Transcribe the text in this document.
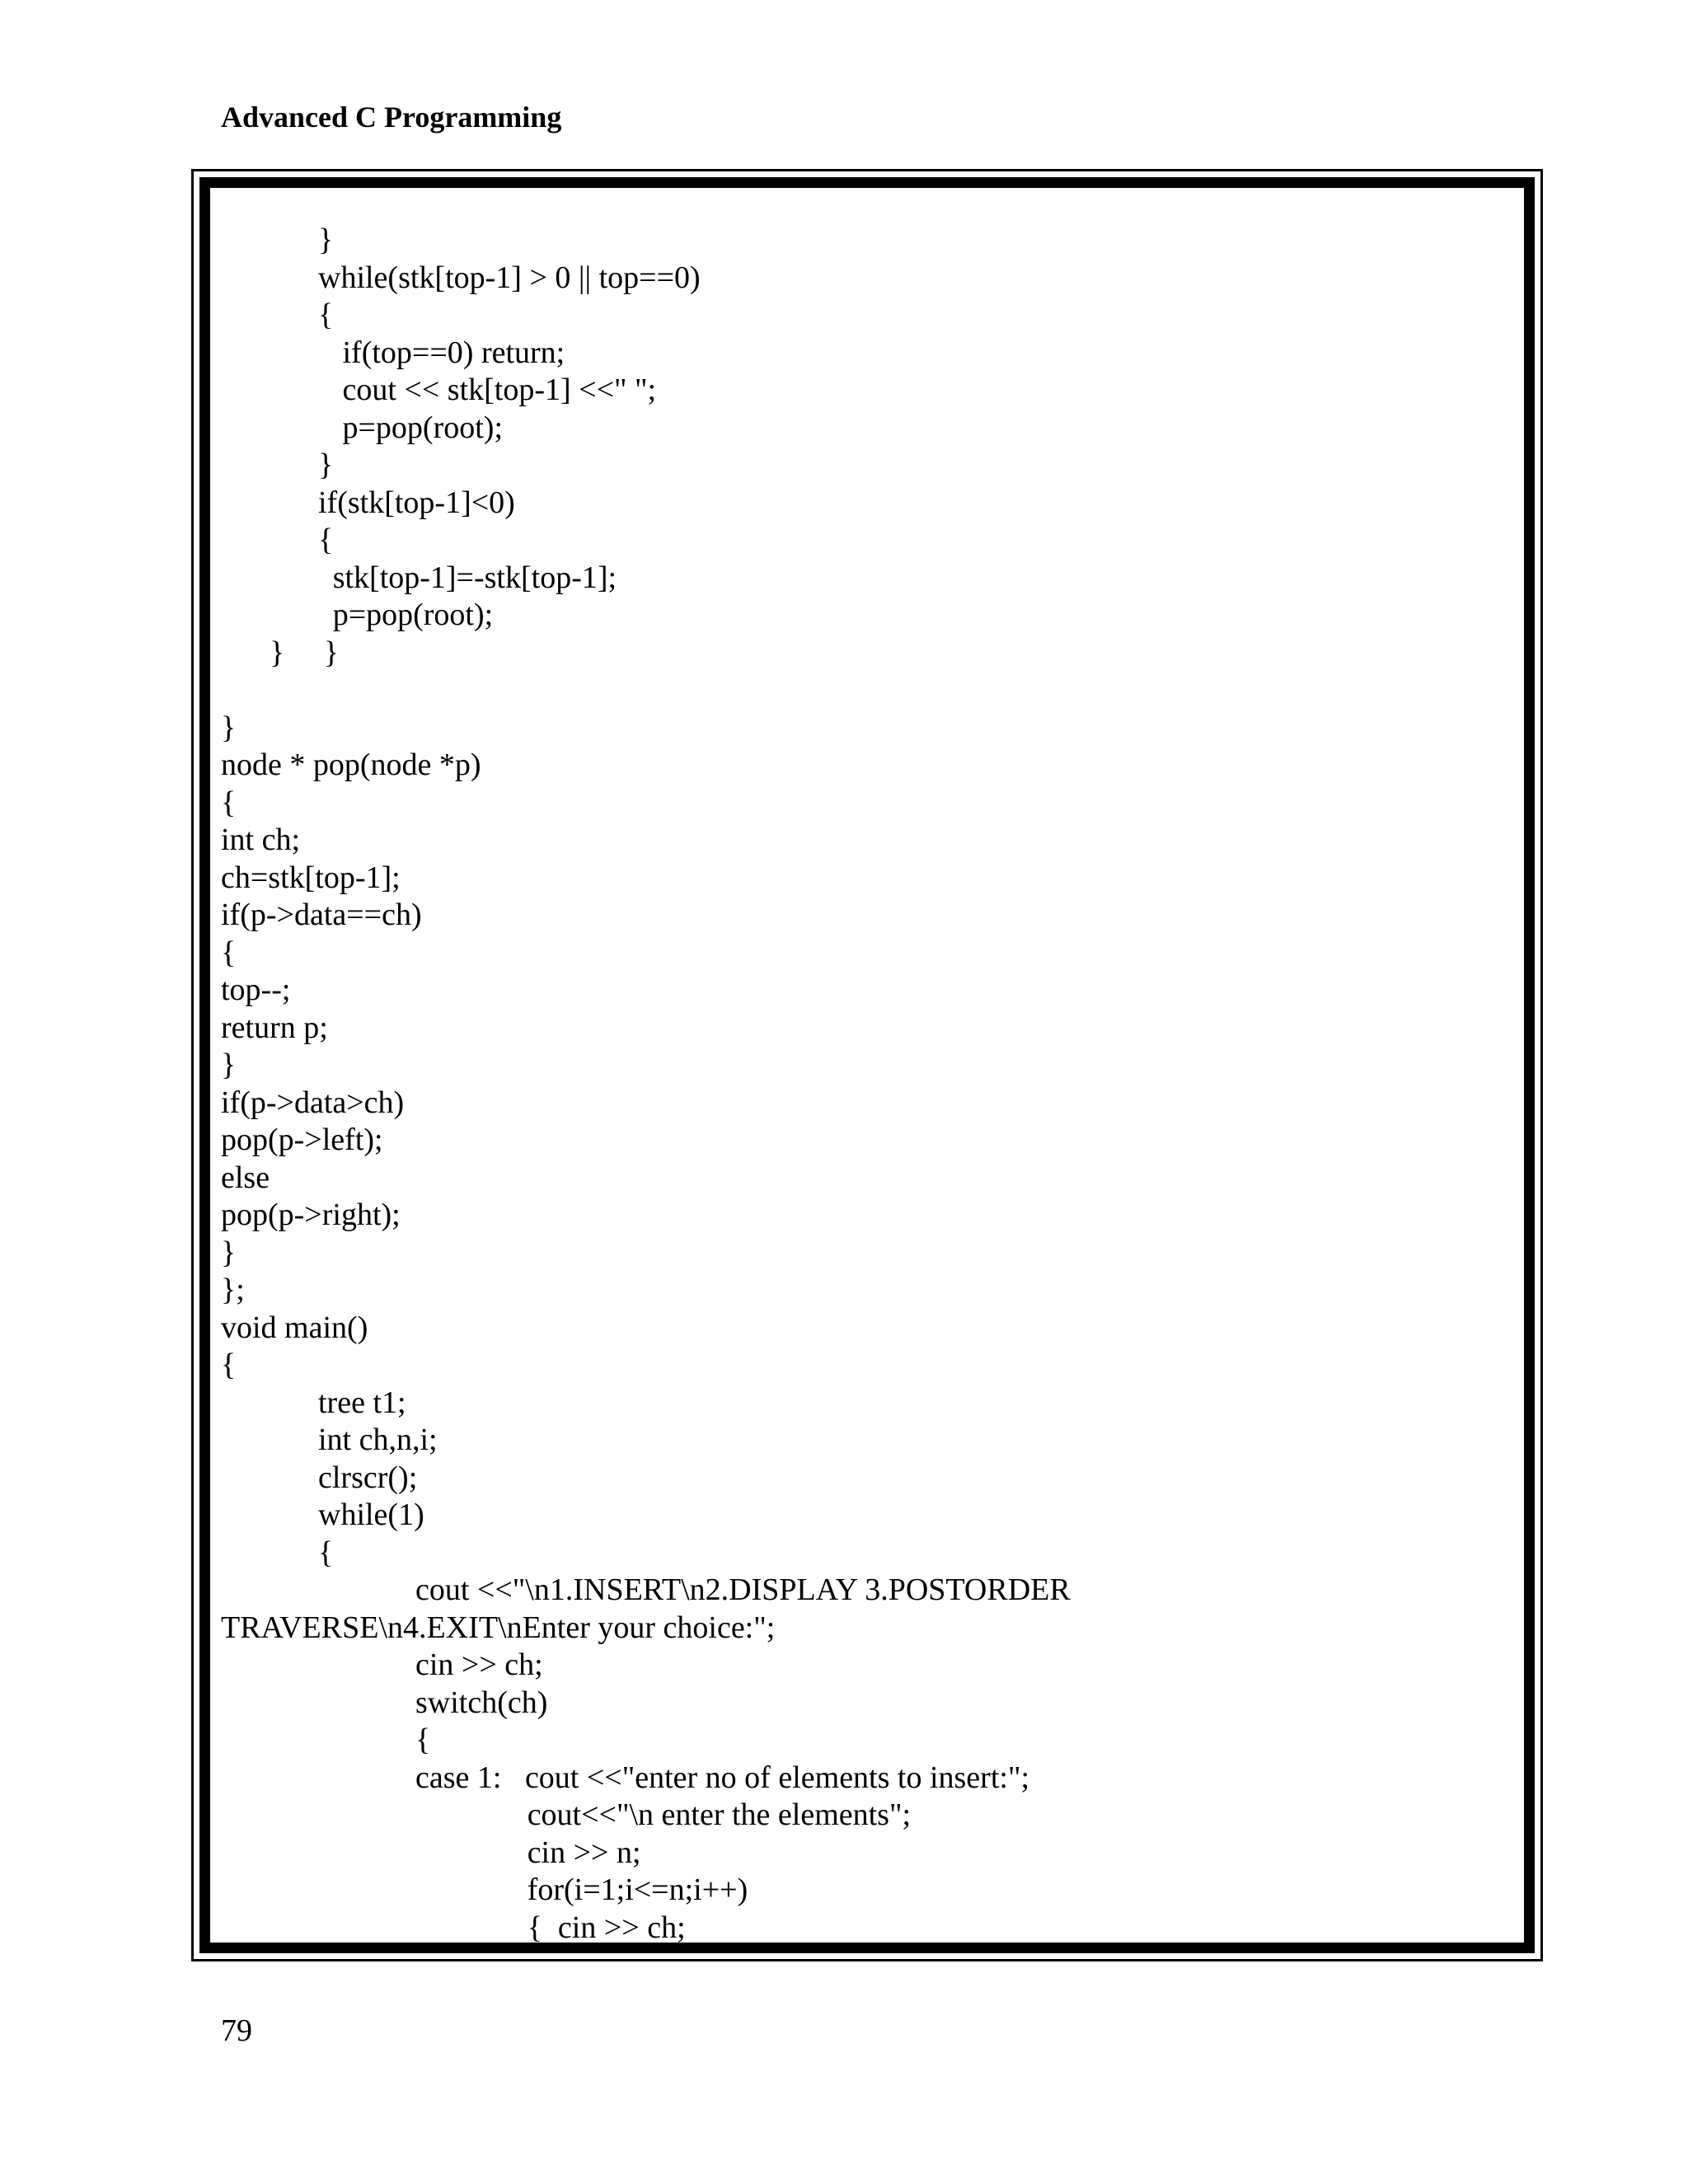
Advanced C Programming
}
while(stk[top-1] > 0 || top==0)
{
if(top==0) return;
cout << stk[top-1] <<" ";
p=pop(root);
}
if(stk[top-1]<0)
{
stk[top-1]=-stk[top-1];
p=pop(root);
}     }
}
node * pop(node *p)
{
int ch;
ch=stk[top-1];
if(p->data==ch)
{
top--;
return p;
}
if(p->data>ch)
pop(p->left);
else
pop(p->right);
}
};
void main()
{
tree t1;
int ch,n,i;
clrscr();
while(1)
{
cout <<"\n1.INSERT\n2.DISPLAY 3.POSTORDER
TRAVERSE\n4.EXIT\nEnter your choice:";
cin >> ch;
switch(ch)
{
case 1:   cout <<"enter no of elements to insert:";
cout<<"\n enter the elements";
cin >> n;
for(i=1;i<=n;i++)
{  cin >> ch;
79
